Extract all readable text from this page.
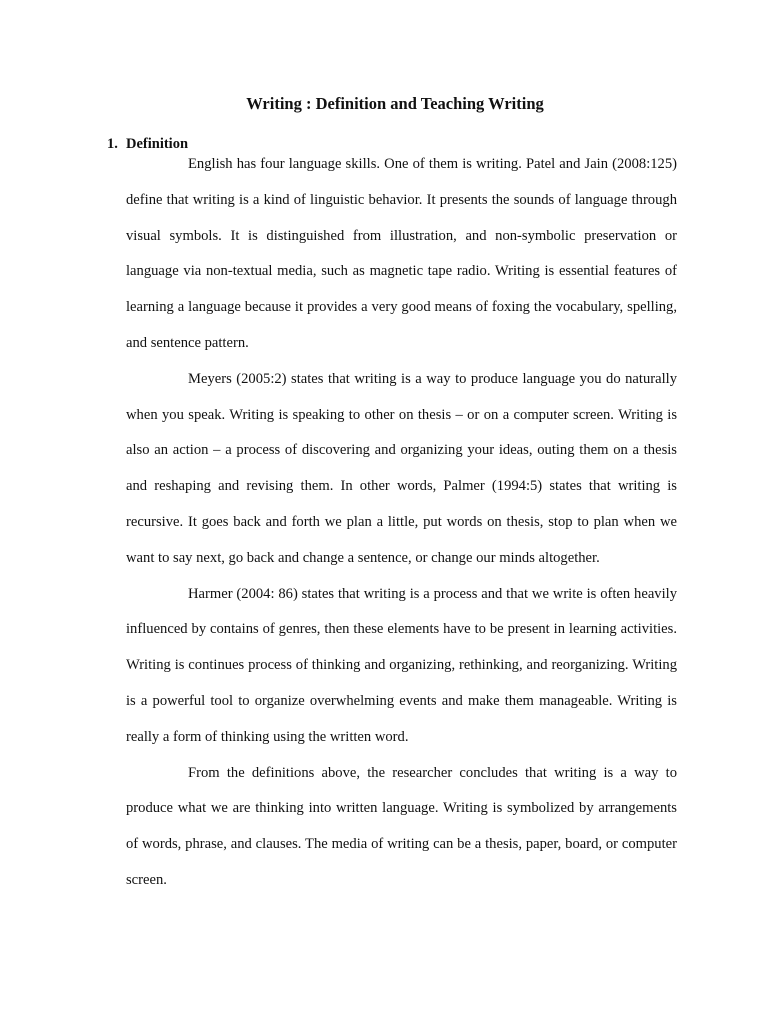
Writing : Definition and Teaching Writing
1. Definition

English has four language skills. One of them is writing. Patel and Jain (2008:125) define that writing is a kind of linguistic behavior. It presents the sounds of language through visual symbols. It is distinguished from illustration, and non-symbolic preservation or language via non-textual media, such as magnetic tape radio. Writing is essential features of learning a language because it provides a very good means of foxing the vocabulary, spelling, and sentence pattern.

Meyers (2005:2) states that writing is a way to produce language you do naturally when you speak. Writing is speaking to other on thesis – or on a computer screen. Writing is also an action – a process of discovering and organizing your ideas, outing them on a thesis and reshaping and revising them. In other words, Palmer (1994:5) states that writing is recursive. It goes back and forth we plan a little, put words on thesis, stop to plan when we want to say next, go back and change a sentence, or change our minds altogether.

Harmer (2004: 86) states that writing is a process and that we write is often heavily influenced by contains of genres, then these elements have to be present in learning activities. Writing is continues process of thinking and organizing, rethinking, and reorganizing. Writing is a powerful tool to organize overwhelming events and make them manageable. Writing is really a form of thinking using the written word.

From the definitions above, the researcher concludes that writing is a way to produce what we are thinking into written language. Writing is symbolized by arrangements of words, phrase, and clauses. The media of writing can be a thesis, paper, board, or computer screen.
